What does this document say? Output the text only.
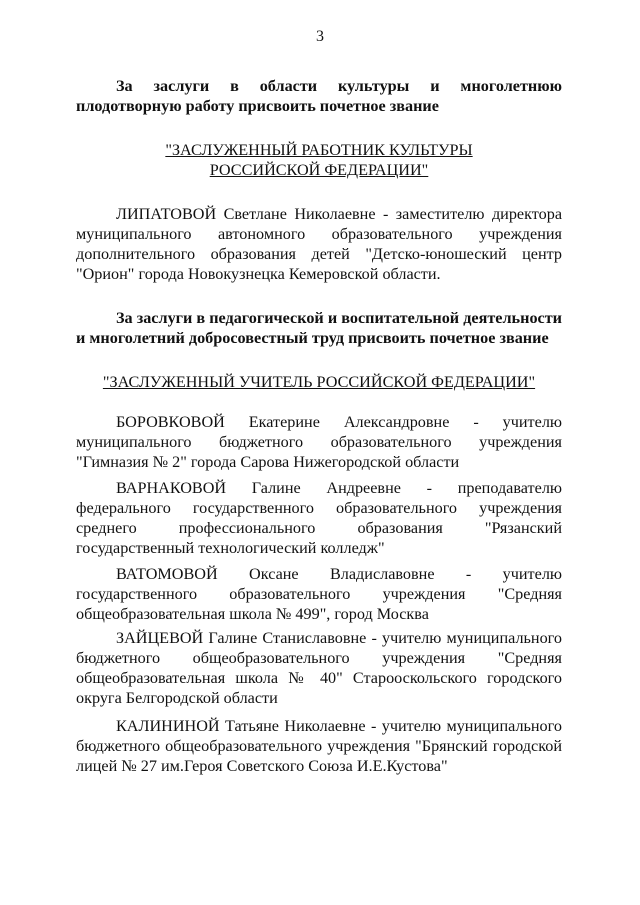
3
За заслуги в области культуры и многолетнюю
плодотворную работу присвоить почетное звание
"ЗАСЛУЖЕННЫЙ РАБОТНИК КУЛЬТУРЫ
РОССИЙСКОЙ ФЕДЕРАЦИИ"
ЛИПАТОВОЙ Светлане Николаевне - заместителю директора
муниципального автономного образовательного учреждения
дополнительного образования детей "Детско-юношеский центр
"Орион" города Новокузнецка Кемеровской области.
За заслуги в педагогической и воспитательной деятельности
и многолетний добросовестный труд присвоить почетное звание
"ЗАСЛУЖЕННЫЙ УЧИТЕЛЬ РОССИЙСКОЙ ФЕДЕРАЦИИ"
БОРОВКОВОЙ Екатерине Александровне - учителю
муниципального бюджетного образовательного учреждения
"Гимназия № 2" города Сарова Нижегородской области
ВАРНАКОВОЙ Галине Андреевне - преподавателю
федерального государственного образовательного учреждения
среднего профессионального образования "Рязанский
государственный технологический колледж"
ВАТОМОВОЙ Оксане Владиславовне - учителю
государственного образовательного учреждения "Средняя
общеобразовательная школа № 499", город Москва
ЗАЙЦЕВОЙ Галине Станиславовне - учителю муниципального
бюджетного общеобразовательного учреждения "Средняя
общеобразовательная школа № 40" Старооскольского городского
округа Белгородской области
КАЛИНИНОЙ Татьяне Николаевне - учителю муниципального
бюджетного общеобразовательного учреждения "Брянский городской
лицей № 27 им.Героя Советского Союза И.Е.Кустова"
